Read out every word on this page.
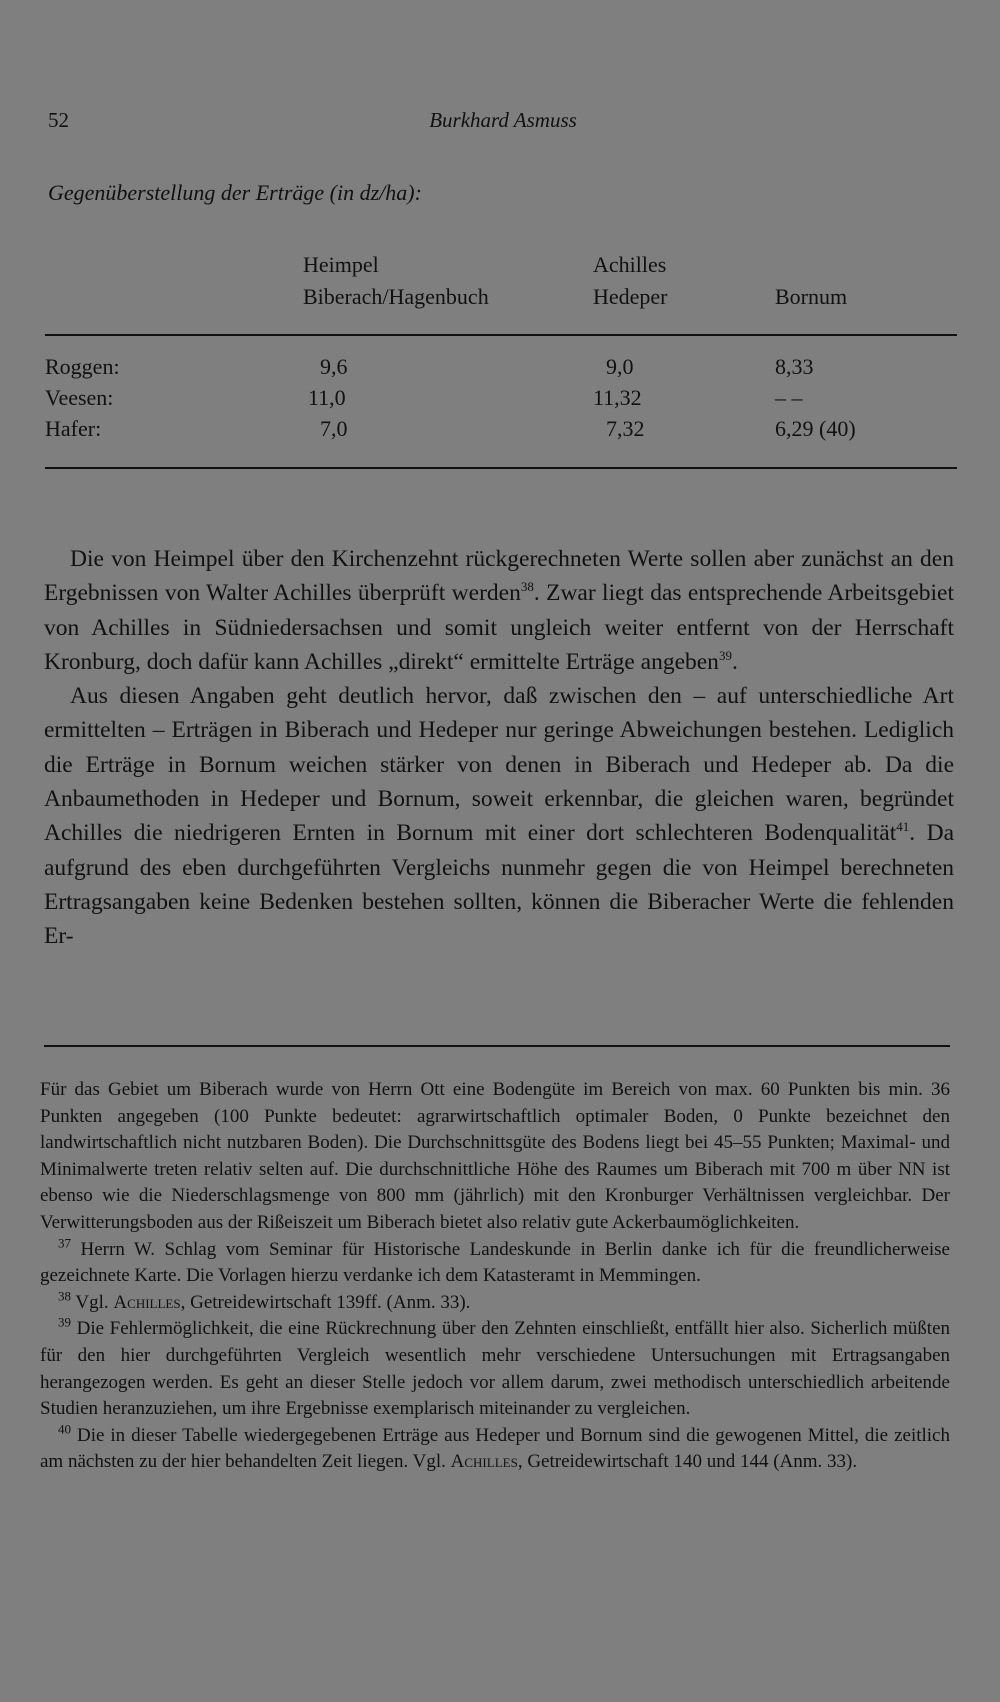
52	Burkhard Asmuss
Gegenüberstellung der Erträge (in dz/ha):
Heimpel	Achilles
Biberach/Hagenbuch	Hedeper	Bornum
Roggen:	9,6	9,0	8,33
Veesen:	11,0	11,32	– –
Hafer:	7,0	7,32	6,29 (40)

Die von Heimpel über den Kirchenzehnt rückgerechneten Werte sollen aber zunächst an den Ergebnissen von Walter Achilles überprüft werden$^{38}$. Zwar liegt das entsprechende Arbeitsgebiet von Achilles in Südniedersachsen und somit ungleich weiter entfernt von der Herrschaft Kronburg, doch dafür kann Achilles „direkt“ ermittelte Erträge angeben$^{39}$.

Aus diesen Angaben geht deutlich hervor, daß zwischen den – auf unterschiedliche Art ermittelten – Erträgen in Biberach und Hedeper nur geringe Abweichungen bestehen. Lediglich die Erträge in Bornum weichen stärker von denen in Biberach und Hedeper ab. Da die Anbaumethoden in Hedeper und Bornum, soweit erkennbar, die gleichen waren, begründet Achilles die niedrigeren Ernten in Bornum mit einer dort schlechteren Bodenqualität$^{41}$. Da aufgrund des eben durchgeführten Vergleichs nunmehr gegen die von Heimpel berechneten Ertragsangaben keine Bedenken bestehen sollten, können die Biberacher Werte die fehlenden Er-

Für das Gebiet um Biberach wurde von Herrn Ott eine Bodengüte im Bereich von max. 60 Punkten bis min. 36 Punkten angegeben (100 Punkte bedeutet: agrarwirtschaftlich optimaler Boden, 0 Punkte bezeichnet den landwirtschaftlich nicht nutzbaren Boden). Die Durchschnittsgüte des Bodens liegt bei 45–55 Punkten; Maximal- und Minimalwerte treten relativ selten auf. Die durchschnittliche Höhe des Raumes um Biberach mit 700 m über NN ist ebenso wie die Niederschlagsmenge von 800 mm (jährlich) mit den Kronburger Verhältnissen vergleichbar. Der Verwitterungsboden aus der Rißeiszeit um Biberach bietet also relativ gute Ackerbaumöglichkeiten.

$^{37}$ Herrn W. Schlag vom Seminar für Historische Landeskunde in Berlin danke ich für die freundlicherweise gezeichnete Karte. Die Vorlagen hierzu verdanke ich dem Katasteramt in Memmingen.

$^{38}$ Vgl. Achilles, Getreidewirtschaft 139ff. (Anm. 33).

$^{39}$ Die Fehlermöglichkeit, die eine Rückrechnung über den Zehnten einschließt, entfällt hier also. Sicherlich müßten für den hier durchgeführten Vergleich wesentlich mehr verschiedene Untersuchungen mit Ertragsangaben herangezogen werden. Es geht an dieser Stelle jedoch vor allem darum, zwei methodisch unterschiedlich arbeitende Studien heranzuziehen, um ihre Ergebnisse exemplarisch miteinander zu vergleichen.

$^{40}$ Die in dieser Tabelle wiedergegebenen Erträge aus Hedeper und Bornum sind die gewogenen Mittel, die zeitlich am nächsten zu der hier behandelten Zeit liegen. Vgl. Achilles, Getreidewirtschaft 140 und 144 (Anm. 33).
